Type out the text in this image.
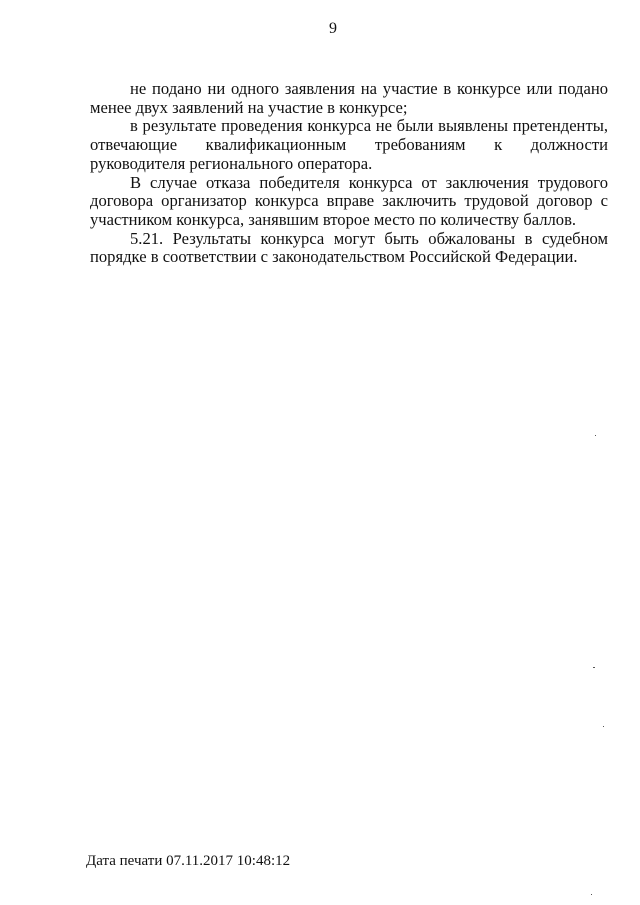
9

не подано ни одного заявления на участие в конкурсе или подано менее двух заявлений на участие в конкурсе;

в результате проведения конкурса не были выявлены претенденты, отвечающие квалификационным требованиям к должности руководителя регионального оператора.

В случае отказа победителя конкурса от заключения трудового договора организатор конкурса вправе заключить трудовой договор с участником конкурса, занявшим второе место по количеству баллов.

5.21. Результаты конкурса могут быть обжалованы в судебном порядке в соответствии с законодательством Российской Федерации.

Дата печати 07.11.2017 10:48:12
